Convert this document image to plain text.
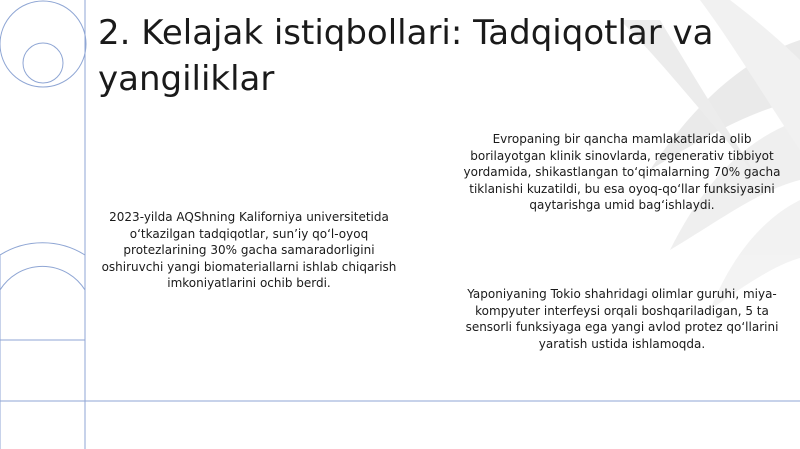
2. Kelajak istiqbollari: Tadqiqotlar va yangiliklar

2023-yilda AQShning Kaliforniya universitetida o‘tkazilgan tadqiqotlar, sun’iy qo‘l-oyoq protezlarining 30% gacha samaradorligini oshiruvchi yangi biomateriallarni ishlab chiqarish imkoniyatlarini ochib berdi.

Evropaning bir qancha mamlakatlarida olib borilayotgan klinik sinovlarda, regenerativ tibbiyot yordamida, shikastlangan to‘qimalarning 70% gacha tiklanishi kuzatildi, bu esa oyoq-qo‘llar funksiyasini qaytarishga umid bag‘ishlaydi.

Yaponiyaning Tokio shahridagi olimlar guruhi, miya-kompyuter interfeysi orqali boshqariladigan, 5 ta sensorli funksiyaga ega yangi avlod protez qo‘llarini yaratish ustida ishlamoqda.
